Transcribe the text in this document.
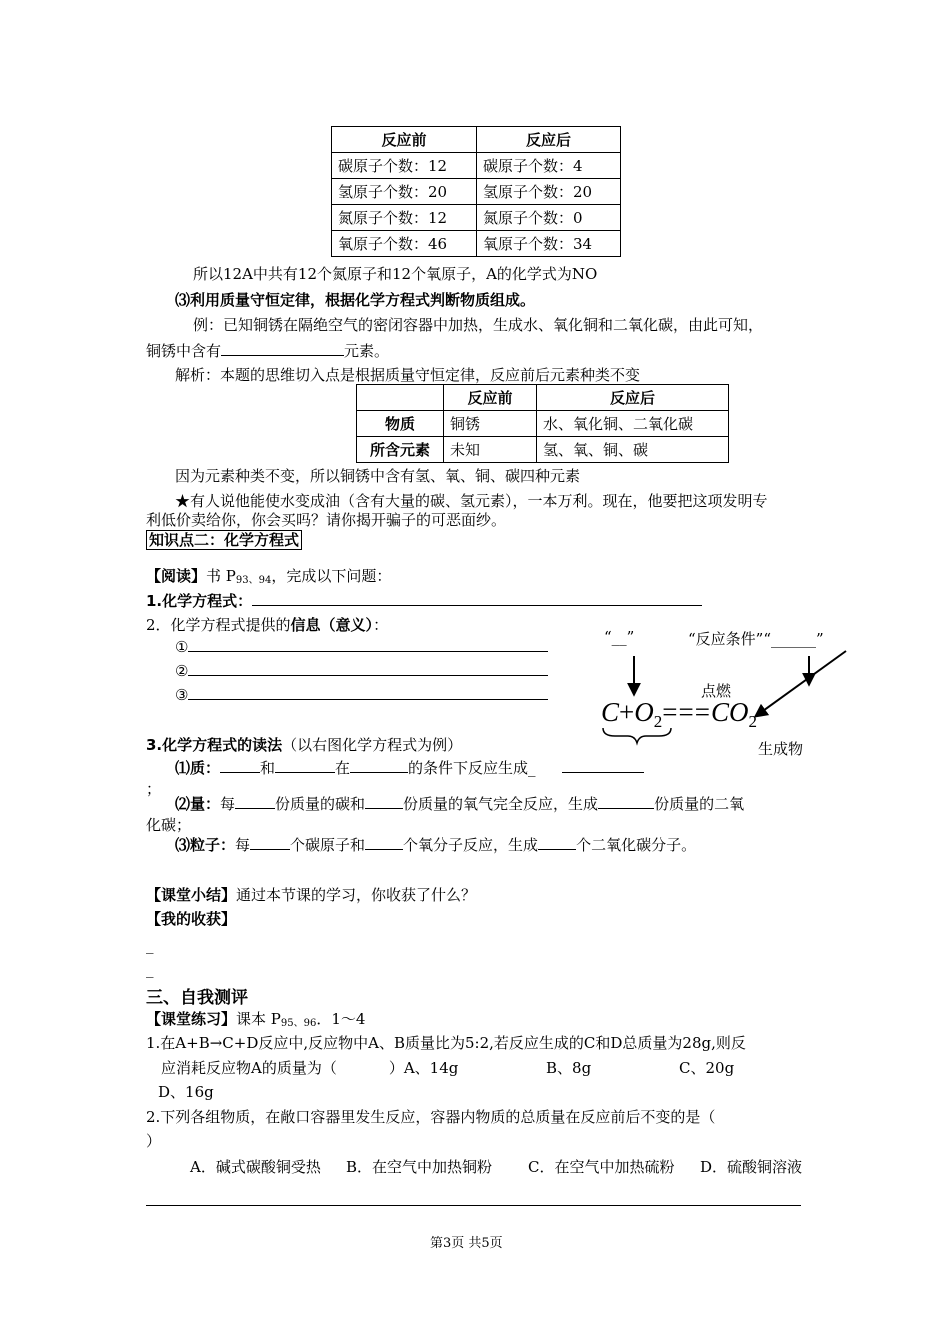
反应前	反应后
碳原子个数：12	碳原子个数：4
氢原子个数：20	氢原子个数：20
氮原子个数：12	氮原子个数：0
氧原子个数：46	氧原子个数：34
所以12A中共有12个氮原子和12个氧原子，A的化学式为NO
⑶利用质量守恒定律，根据化学方程式判断物质组成。
例：已知铜锈在隔绝空气的密闭容器中加热，生成水、氧化铜和二氧化碳，由此可知，
铜锈中含有	元素。
解析：本题的思维切入点是根据质量守恒定律，反应前后元素种类不变
	反应前	反应后
物质	铜锈	水、氧化铜、二氧化碳
所含元素	未知	氢、氧、铜、碳
因为元素种类不变，所以铜锈中含有氢、氧、铜、碳四种元素
★有人说他能使水变成油（含有大量的碳、氢元素），一本万利。现在，他要把这项发明专
利低价卖给你，你会买吗？请你揭开骗子的可恶面纱。
知识点二：化学方程式
【阅读】书 $P_{93、94}$，完成以下问题：
1.化学方程式：
2．化学方程式提供的信息（意义）：
①
②
③
“__”	“反应条件”“______”
点燃
$C+O_2===CO_2$
生成物
3.化学方程式的读法（以右图化学方程式为例）
⑴质：	和	在	的条件下反应生成_
；
⑵量：每	份质量的碳和	份质量的氧气完全反应，生成	份质量的二氧
化碳；
⑶粒子：每	个碳原子和	个氧分子反应，生成	个二氧化碳分子。
【课堂小结】通过本节课的学习，你收获了什么？
【我的收获】
_
_
三、自我测评
【课堂练习】课本 $P_{95、96}$．1～4
1.在A+B→C+D反应中,反应物中A、B质量比为5:2,若反应生成的C和D总质量为28g,则反
应消耗反应物A的质量为（	）A、14g	B、8g	C、20g
D、16g
2.下列各组物质，在敞口容器里发生反应，容器内物质的总质量在反应前后不变的是（
）
A．碱式碳酸铜受热 B．在空气中加热铜粉 C．在空气中加热硫粉 D．硫酸铜溶液
第3页 共5页
